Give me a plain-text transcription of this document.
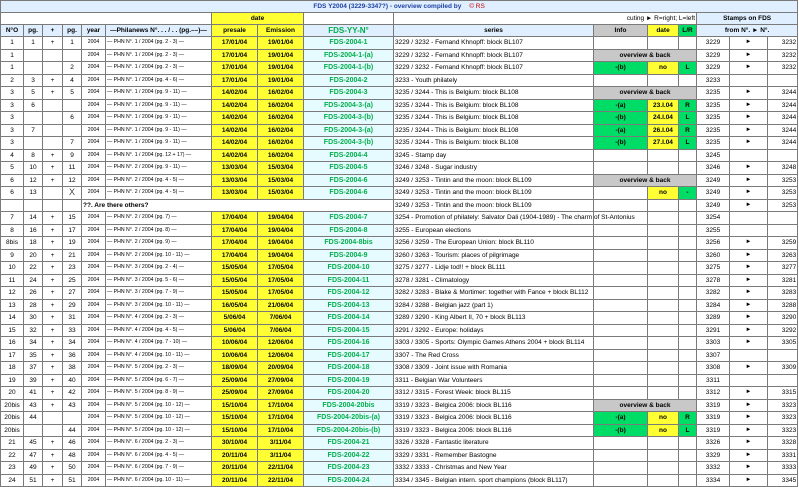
FDS Y2004 (3229-3347?) - overview compiled by © RS															
						date			cuting ► R=right; L=left				Stamps on FDS		
N°O	pg.	+	pg.	year	—Philanews N°. . . / . . (pg.––)—	presale	Emission	FDS-YY-N°	series	Info	date	L/R	from N°. ► N°.		
1	1	+	1	2004	— PHN N°. 1 / 2004 (pg. 2 - 3) —	17/01/04	19/01/04	FDS-2004-1	3229 / 3232 - Fernand Khnopff: block BL107				3229	►	3232
1				2004	— PHN N°. 1 / 2004 (pg. 2 - 3) —	17/01/04	19/01/04	FDS-2004-1-(a)	3229 / 3232 - Fernand Khnopff: block BL107	overview & back			3229	►	3232
1			2	2004	— PHN N°. 1 / 2004 (pg. 2 - 3) —	17/01/04	19/01/04	FDS-2004-1-(b)	3229 / 3232 - Fernand Khnopff: block BL107	-(b)	no	L	3229	►	3232
2	3	+	4	2004	— PHN N°. 1 / 2004 (pg. 4 - 6) —	17/01/04	19/01/04	FDS-2004-2	3233 - Youth philately				3233		
3	5	+	5	2004	— PHN N°. 1 / 2004 (pg. 9 - 11) —	14/02/04	16/02/04	FDS-2004-3	3235 / 3244 - This is Belgium: block BL108	overview & back			3235	►	3244
3	6			2004	— PHN N°. 1 / 2004 (pg. 9 - 11) —	14/02/04	16/02/04	FDS-2004-3-(a)	3235 / 3244 - This is Belgium: block BL108	-(a)	23.I.04	R	3235	►	3244
3			6	2004	— PHN N°. 1 / 2004 (pg. 9 - 11) —	14/02/04	16/02/04	FDS-2004-3-(b)	3235 / 3244 - This is Belgium: block BL108	-(b)	24.I.04	L	3235	►	3244
3	7			2004	— PHN N°. 1 / 2004 (pg. 9 - 11) —	14/02/04	16/02/04	FDS-2004-3-(a)	3235 / 3244 - This is Belgium: block BL108	-(a)	26.I.04	R	3235	►	3244
3			7	2004	— PHN N°. 1 / 2004 (pg. 9 - 11) —	14/02/04	16/02/04	FDS-2004-3-(b)	3235 / 3244 - This is Belgium: block BL108	-(b)	27.I.04	L	3235	►	3244
4	8	+	9	2004	— PHN N°. 1 / 2004 (pg. 12 + 17) —	14/02/04	16/02/04	FDS-2004-4	3245 - Stamp day				3245		
5	10	+	11	2004	— PHN N°. 2 / 2004 (pg. 9 - 11) —	13/03/04	15/03/04	FDS-2004-5	3246 / 3248 - Sugar industry				3246	►	3248
6	12	+	12	2004	— PHN N°. 2 / 2004 (pg. 4 - 5) —	13/03/04	15/03/04	FDS-2004-6	3249 / 3253 - Tintin and the moon: block BL109	overview & back			3249	►	3253
6	13		X	2004	— PHN N°. 2 / 2004 (pg. 4 - 5) —	13/03/04	15/03/04	FDS-2004-6	3249 / 3253 - Tintin and the moon: block BL109		no	-	3249	►	3253
				??. Are there others?					3249 / 3253 - Tintin and the moon: block BL109				3249	►	3253
7	14	+	15	2004	— PHN N°. 2 / 2004 (pg. 7) —	17/04/04	19/04/04	FDS-2004-7	3254 - Promotion of philately: Salvator Dali (1904-1989) - The charm of St-Antonius				3254		
8	16	+	17	2004	— PHN N°. 2 / 2004 (pg. 8) —	17/04/04	19/04/04	FDS-2004-8	3255 - European elections				3255		
8bis	18	+	19	2004	— PHN N°. 2 / 2004 (pg. 9) —	17/04/04	19/04/04	FDS-2004-8bis	3256 / 3259 - The European Union: block BL110				3256	►	3259
9	20	+	21	2004	— PHN N°. 2 / 2004 (pg. 10 - 11) —	17/04/04	19/04/04	FDS-2004-9	3260 / 3263 - Tourism: places of pilgrimage				3260	►	3263
10	22	+	23	2004	— PHN N°. 3 / 2004 (pg. 2 - 4) —	15/05/04	17/05/04	FDS-2004-10	3275 / 3277 - Lidje tod!! + block BL111				3275	►	3277
11	24	+	25	2004	— PHN N°. 3 / 2004 (pg. 5 - 6) —	15/05/04	17/05/04	FDS-2004-11	3278 / 3281 - Climatology				3278	►	3281
12	26	+	27	2004	— PHN N°. 3 / 2004 (pg. 7 - 9) —	15/05/04	17/05/04	FDS-2004-12	3282 / 3283 - Blake & Mortimer: together with Fance + block BL112				3282	►	3283
13	28	+	29	2004	— PHN N°. 3 / 2004 (pg. 10 - 11) —	16/05/04	21/06/04	FDS-2004-13	3284 / 3288 - Belgian jazz (part 1)				3284	►	3288
14	30	+	31	2004	— PHN N°. 4 / 2004 (pg. 2 - 3) —	5/06/04	7/06/04	FDS-2004-14	3289 / 3290 - King Albert II, 70 + block BL113				3289	►	3290
15	32	+	33	2004	— PHN N°. 4 / 2004 (pg. 4 - 5) —	5/06/04	7/06/04	FDS-2004-15	3291 / 3292 - Europe: holidays				3291	►	3292
16	34	+	34	2004	— PHN N°. 4 / 2004 (pg. 7 - 10) —	10/06/04	12/06/04	FDS-2004-16	3303 / 3305 - Sports: Olympic Games Athens 2004 + block BL114				3303	►	3305
17	35	+	36	2004	— PHN N°. 4 / 2004 (pg. 10 - 11) —	10/06/04	12/06/04	FDS-2004-17	3307 - The Red Cross				3307		
18	37	+	38	2004	— PHN N°. 5 / 2004 (pg. 2 - 3) —	18/09/04	20/09/04	FDS-2004-18	3308 / 3309 - Joint issue with Romania				3308	►	3309
19	39	+	40	2004	— PHN N°. 5 / 2004 (pg. 6 - 7) —	25/09/04	27/09/04	FDS-2004-19	3311 - Belgian War Volunteers				3311		
20	41	+	42	2004	— PHN N°. 5 / 2004 (pg. 8 - 9) —	25/09/04	27/09/04	FDS-2004-20	3312 / 3315 - Forest Week: block BL115				3312	►	3315
20bis	43	+	43	2004	— PHN N°. 5 / 2004 (pg. 10 - 12) —	15/10/04	17/10/04	FDS-2004-20bis	3319 / 3323 - Belgica 2006: block BL116	overview & back			3319	►	3323
20bis	44			2004	— PHN N°. 5 / 2004 (pg. 10 - 12) —	15/10/04	17/10/04	FDS-2004-20bis-(a)	3319 / 3323 - Belgica 2006: block BL116	-(a)	no	R	3319	►	3323
20bis			44	2004	— PHN N°. 5 / 2004 (pg. 10 - 12) —	15/10/04	17/10/04	FDS-2004-20bis-(b)	3319 / 3323 - Belgica 2006: block BL116	-(b)	no	L	3319	►	3323
21	45	+	46	2004	— PHN N°. 6 / 2004 (pg. 2 - 3) —	30/10/04	3/11/04	FDS-2004-21	3326 / 3328 - Fantastic literature				3326	►	3328
22	47	+	48	2004	— PHN N°. 6 / 2004 (pg. 4 - 5) —	20/11/04	3/11/04	FDS-2004-22	3329 / 3331 - Remember Bastogne				3329	►	3331
23	49	+	50	2004	— PHN N°. 6 / 2004 (pg. 7 - 9) —	20/11/04	22/11/04	FDS-2004-23	3332 / 3333 - Christmas and New Year				3332	►	3333
24	51	+	51	2004	— PHN N°. 6 / 2004 (pg. 10 - 11) —	20/11/04	22/11/04	FDS-2004-24	3334 / 3345 - Belgian intern. sport champions (block BL117)				3334	►	3345
